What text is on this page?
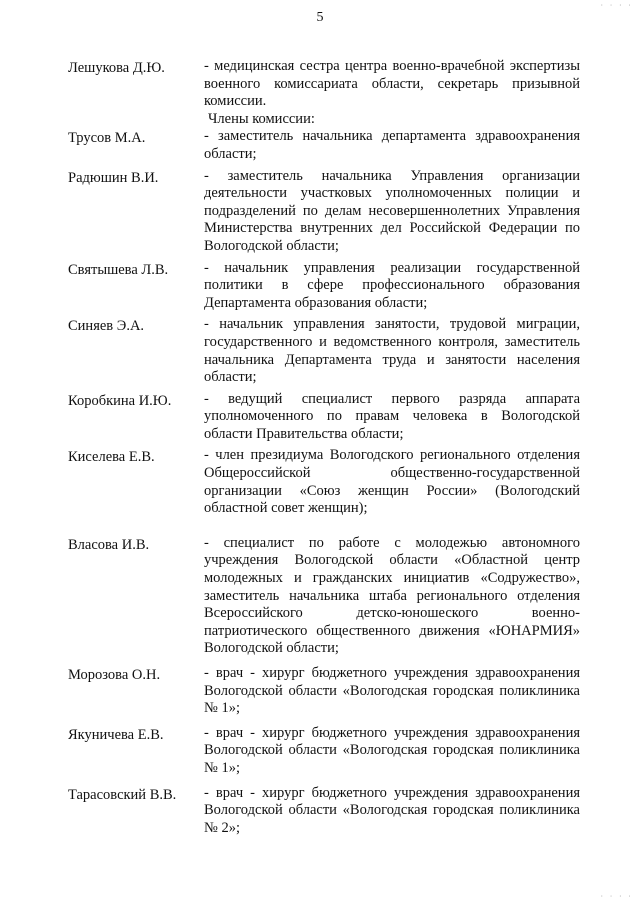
5
Лешукова Д.Ю.	- медицинская сестра центра военно-врачебной экспертизы военного комиссариата области, секретарь призывной комиссии.
Члены комиссии:
Трусов М.А.	- заместитель начальника департамента здравоохранения области;
Радюшин В.И.	- заместитель начальника Управления организации деятельности участковых уполномоченных полиции и подразделений по делам несовершеннолетних Управления Министерства внутренних дел Российской Федерации по Вологодской области;
Святышева Л.В.	- начальник управления реализации государственной политики в сфере профессионального образования Департамента образования области;
Синяев Э.А.	- начальник управления занятости, трудовой миграции, государственного и ведомственного контроля, заместитель начальника Департамента труда и занятости населения области;
Коробкина И.Ю.	- ведущий специалист первого разряда аппарата уполномоченного по правам человека в Вологодской области Правительства области;
Киселева Е.В.	- член президиума Вологодского регионального отделения Общероссийской общественно-государственной организации «Союз женщин России» (Вологодский областной совет женщин);
Власова И.В.	- специалист по работе с молодежью автономного учреждения Вологодской области «Областной центр молодежных и гражданских инициатив «Содружество», заместитель начальника штаба регионального отделения Всероссийского детско-юношеского военно-патриотического общественного движения «ЮНАРМИЯ» Вологодской области;
Морозова О.Н.	- врач - хирург бюджетного учреждения здравоохранения Вологодской области «Вологодская городская поликлиника № 1»;
Якуничева Е.В.	- врач - хирург бюджетного учреждения здравоохранения Вологодской области «Вологодская городская поликлиника № 1»;
Тарасовский В.В.	- врач - хирург бюджетного учреждения здравоохранения Вологодской области «Вологодская городская поликлиника № 2»;
· · · ·
· · · ·
